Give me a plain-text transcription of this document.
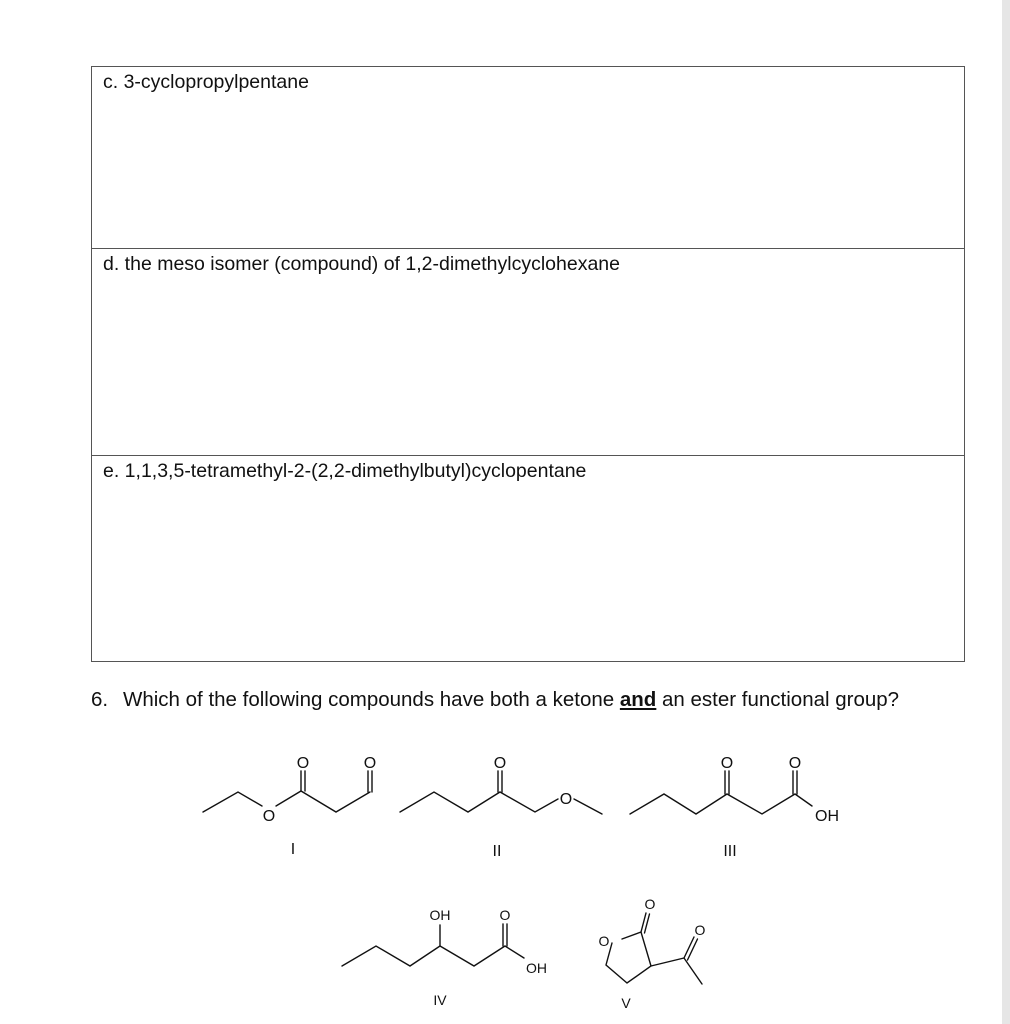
c. 3-cyclopropylpentane
d. the meso isomer (compound) of 1,2-dimethylcyclohexane
e. 1,1,3,5-tetramethyl-2-(2,2-dimethylbutyl)cyclopentane
6. Which of the following compounds have both a ketone and an ester functional group?
O	O
O
O
O
O	O
OH
OH	O
OH
O
O
O
I	II	III
IV	V
